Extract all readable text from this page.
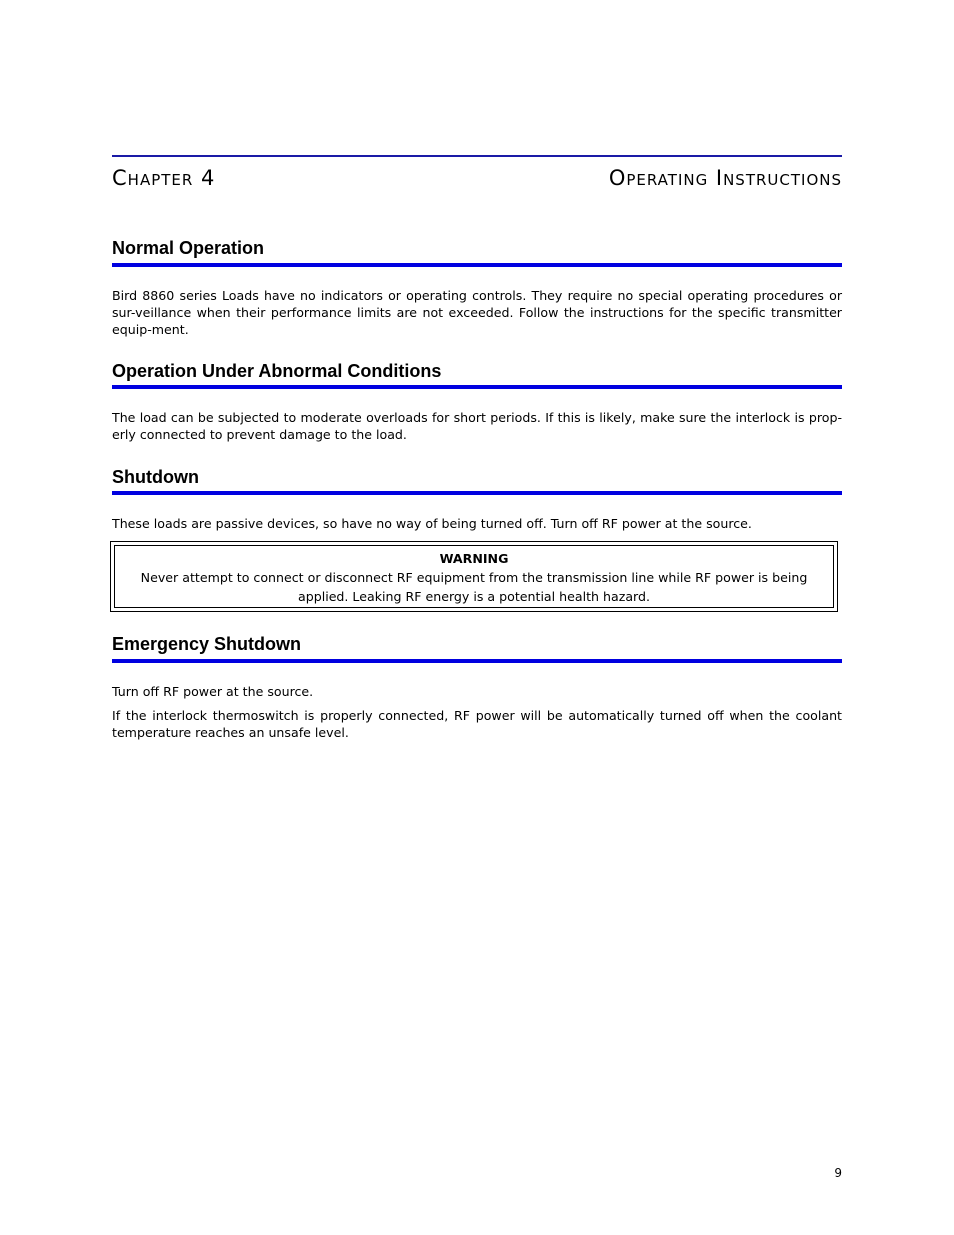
Chapter 4	Operating Instructions
Normal Operation

Bird 8860 series Loads have no indicators or operating controls. They require no special operating procedures or sur-veillance when their performance limits are not exceeded. Follow the instructions for the specific transmitter equip-ment.

Operation Under Abnormal Conditions

The load can be subjected to moderate overloads for short periods. If this is likely, make sure the interlock is prop-erly connected to prevent damage to the load.

Shutdown

These loads are passive devices, so have no way of being turned off. Turn off RF power at the source.

WARNING
Never attempt to connect or disconnect RF equipment from the transmission line while RF power is being applied. Leaking RF energy is a potential health hazard.
Emergency Shutdown

Turn off RF power at the source.

If the interlock thermoswitch is properly connected, RF power will be automatically turned off when the coolant temperature reaches an unsafe level.

9
